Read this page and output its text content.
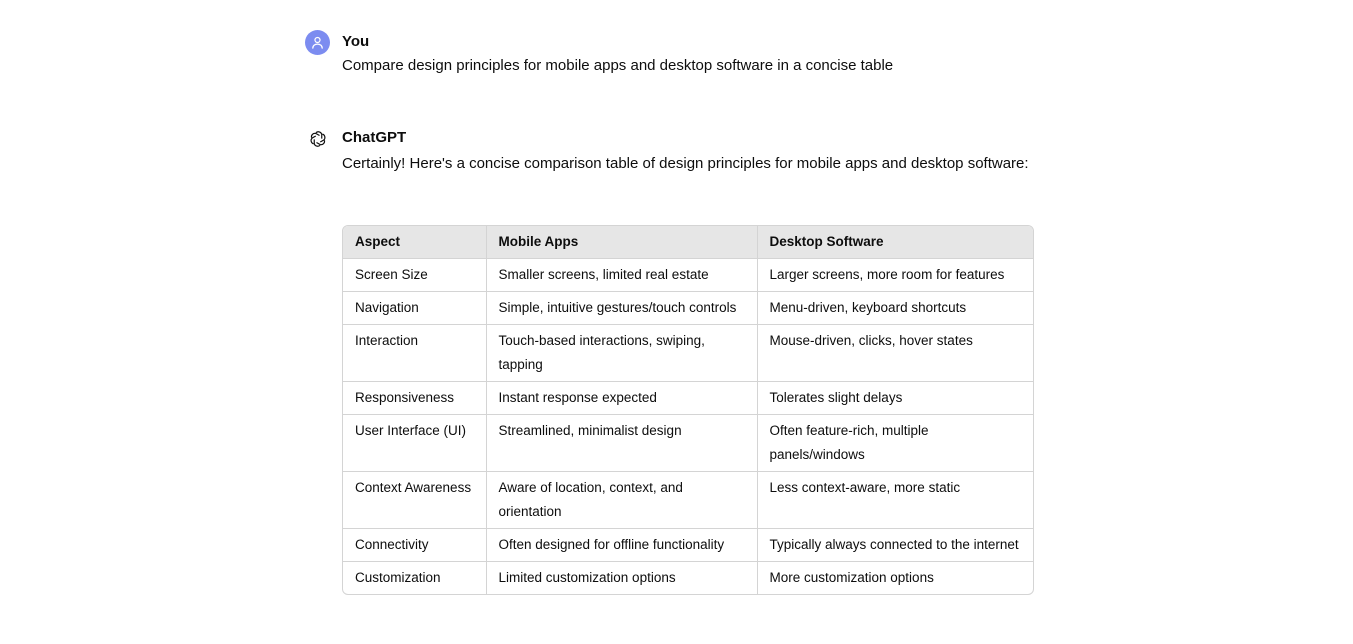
You
Compare design principles for mobile apps and desktop software in a concise table
ChatGPT
Certainly! Here's a concise comparison table of design principles for mobile apps and desktop software:
Aspect	Mobile Apps	Desktop Software
Screen Size	Smaller screens, limited real estate	Larger screens, more room for features
Navigation	Simple, intuitive gestures/touch controls	Menu-driven, keyboard shortcuts
Interaction	Touch-based interactions, swiping, tapping	Mouse-driven, clicks, hover states
Responsiveness	Instant response expected	Tolerates slight delays
User Interface (UI)	Streamlined, minimalist design	Often feature-rich, multiple panels/windows
Context Awareness	Aware of location, context, and orientation	Less context-aware, more static
Connectivity	Often designed for offline functionality	Typically always connected to the internet
Customization	Limited customization options	More customization options
